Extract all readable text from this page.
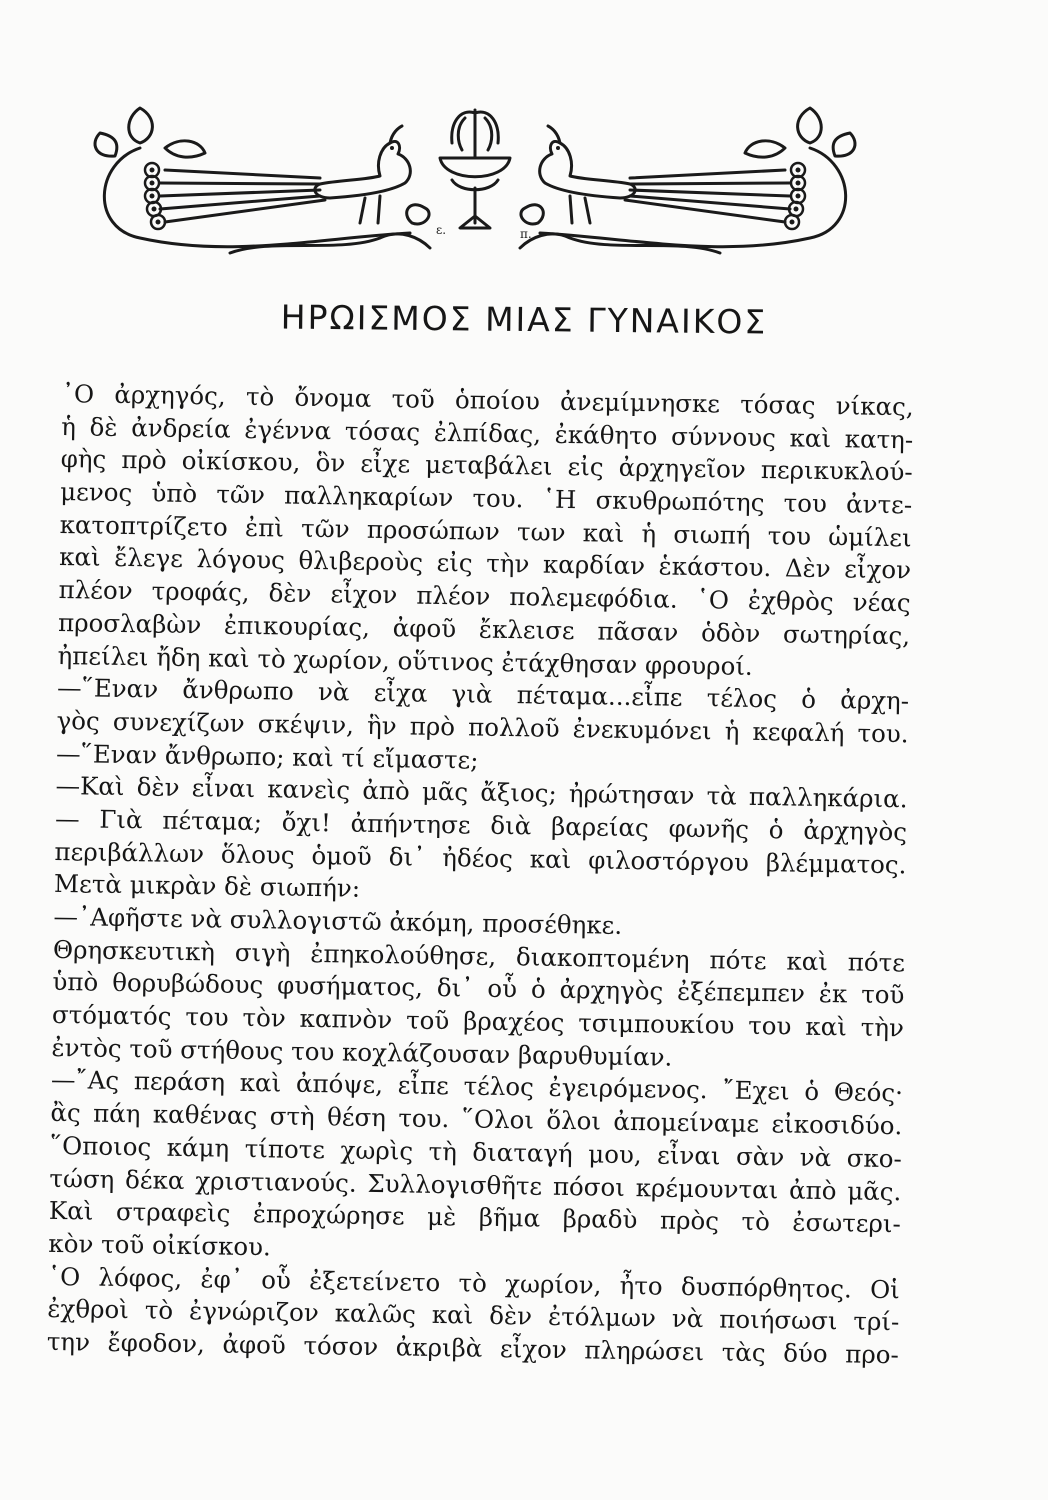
ε.	π.
ΗΡΩΙΣΜΟΣ ΜΙΑΣ ΓΥΝΑΙΚΟΣ
᾿Ο ἀρχηγός, τὸ ὄνομα τοῦ ὁποίου ἀνεμίμνησκε τόσας νίκας,
ἡ δὲ ἀνδρεία ἐγέννα τόσας ἐλπίδας, ἐκάθητο σύννους καὶ κατη-
φὴς πρὸ οἰκίσκου, ὃν εἶχε μεταβάλει εἰς ἀρχηγεῖον περικυκλού-
μενος ὑπὸ τῶν παλληκαρίων του. ῾Η σκυθρωπότης του ἀντε-
κατοπτρίζετο ἐπὶ τῶν προσώπων των καὶ ἡ σιωπή του ὡμίλει
καὶ ἔλεγε λόγους θλιβεροὺς εἰς τὴν καρδίαν ἑκάστου. Δὲν εἶχον
πλέον τροφάς, δὲν εἶχον πλέον πολεμεφόδια. ῾Ο ἐχθρὸς νέας
προσλαβὼν ἐπικουρίας, ἀφοῦ ἔκλεισε πᾶσαν ὁδὸν σωτηρίας,
ἠπείλει ἤδη καὶ τὸ χωρίον, οὕτινος ἐτάχθησαν φρουροί.
—῞Εναν ἄνθρωπο νὰ εἶχα γιὰ πέταμα...εἶπε τέλος ὁ ἀρχη-
γὸς συνεχίζων σκέψιν, ἣν πρὸ πολλοῦ ἐνεκυμόνει ἡ κεφαλή του.
—῞Εναν ἄνθρωπο; καὶ τί εἴμαστε;
—Καὶ δὲν εἶναι κανεὶς ἀπὸ μᾶς ἄξιος; ἠρώτησαν τὰ παλληκάρια.
— Γιὰ πέταμα; ὄχι! ἀπήντησε διὰ βαρείας φωνῆς ὁ ἀρχηγὸς
περιβάλλων ὅλους ὁμοῦ δι᾿ ἠδέος καὶ φιλοστόργου βλέμματος.
Μετὰ μικρὰν δὲ σιωπήν:
—᾿Αφῆστε νὰ συλλογιστῶ ἀκόμη, προσέθηκε.
Θρησκευτικὴ σιγὴ ἐπηκολούθησε, διακοπτομένη πότε καὶ πότε
ὑπὸ θορυβώδους φυσήματος, δι᾿ οὗ ὁ ἀρχηγὸς ἐξέπεμπεν ἐκ τοῦ
στόματός του τὸν καπνὸν τοῦ βραχέος τσιμπουκίου του καὶ τὴν
ἐντὸς τοῦ στήθους του κοχλάζουσαν βαρυθυμίαν.
—῎Ας περάση καὶ ἀπόψε, εἶπε τέλος ἐγειρόμενος. ῎Εχει ὁ Θεός·
ἂς πάη καθένας στὴ θέση του. ῞Ολοι ὅλοι ἀπομείναμε εἰκοσιδύο.
῞Οποιος κάμη τίποτε χωρὶς τὴ διαταγή μου, εἶναι σὰν νὰ σκο-
τώση δέκα χριστιανούς. Συλλογισθῆτε πόσοι κρέμουνται ἀπὸ μᾶς.
Καὶ στραφεὶς ἐπροχώρησε μὲ βῆμα βραδὺ πρὸς τὸ ἐσωτερι-
κὸν τοῦ οἰκίσκου.
῾Ο λόφος, ἐφ᾿ οὗ ἐξετείνετο τὸ χωρίον, ἦτο δυσπόρθητος. Οἱ
ἐχθροὶ τὸ ἐγνώριζον καλῶς καὶ δὲν ἐτόλμων νὰ ποιήσωσι τρί-
την ἔφοδον, ἀφοῦ τόσον ἀκριβὰ εἶχον πληρώσει τὰς δύο προ-
